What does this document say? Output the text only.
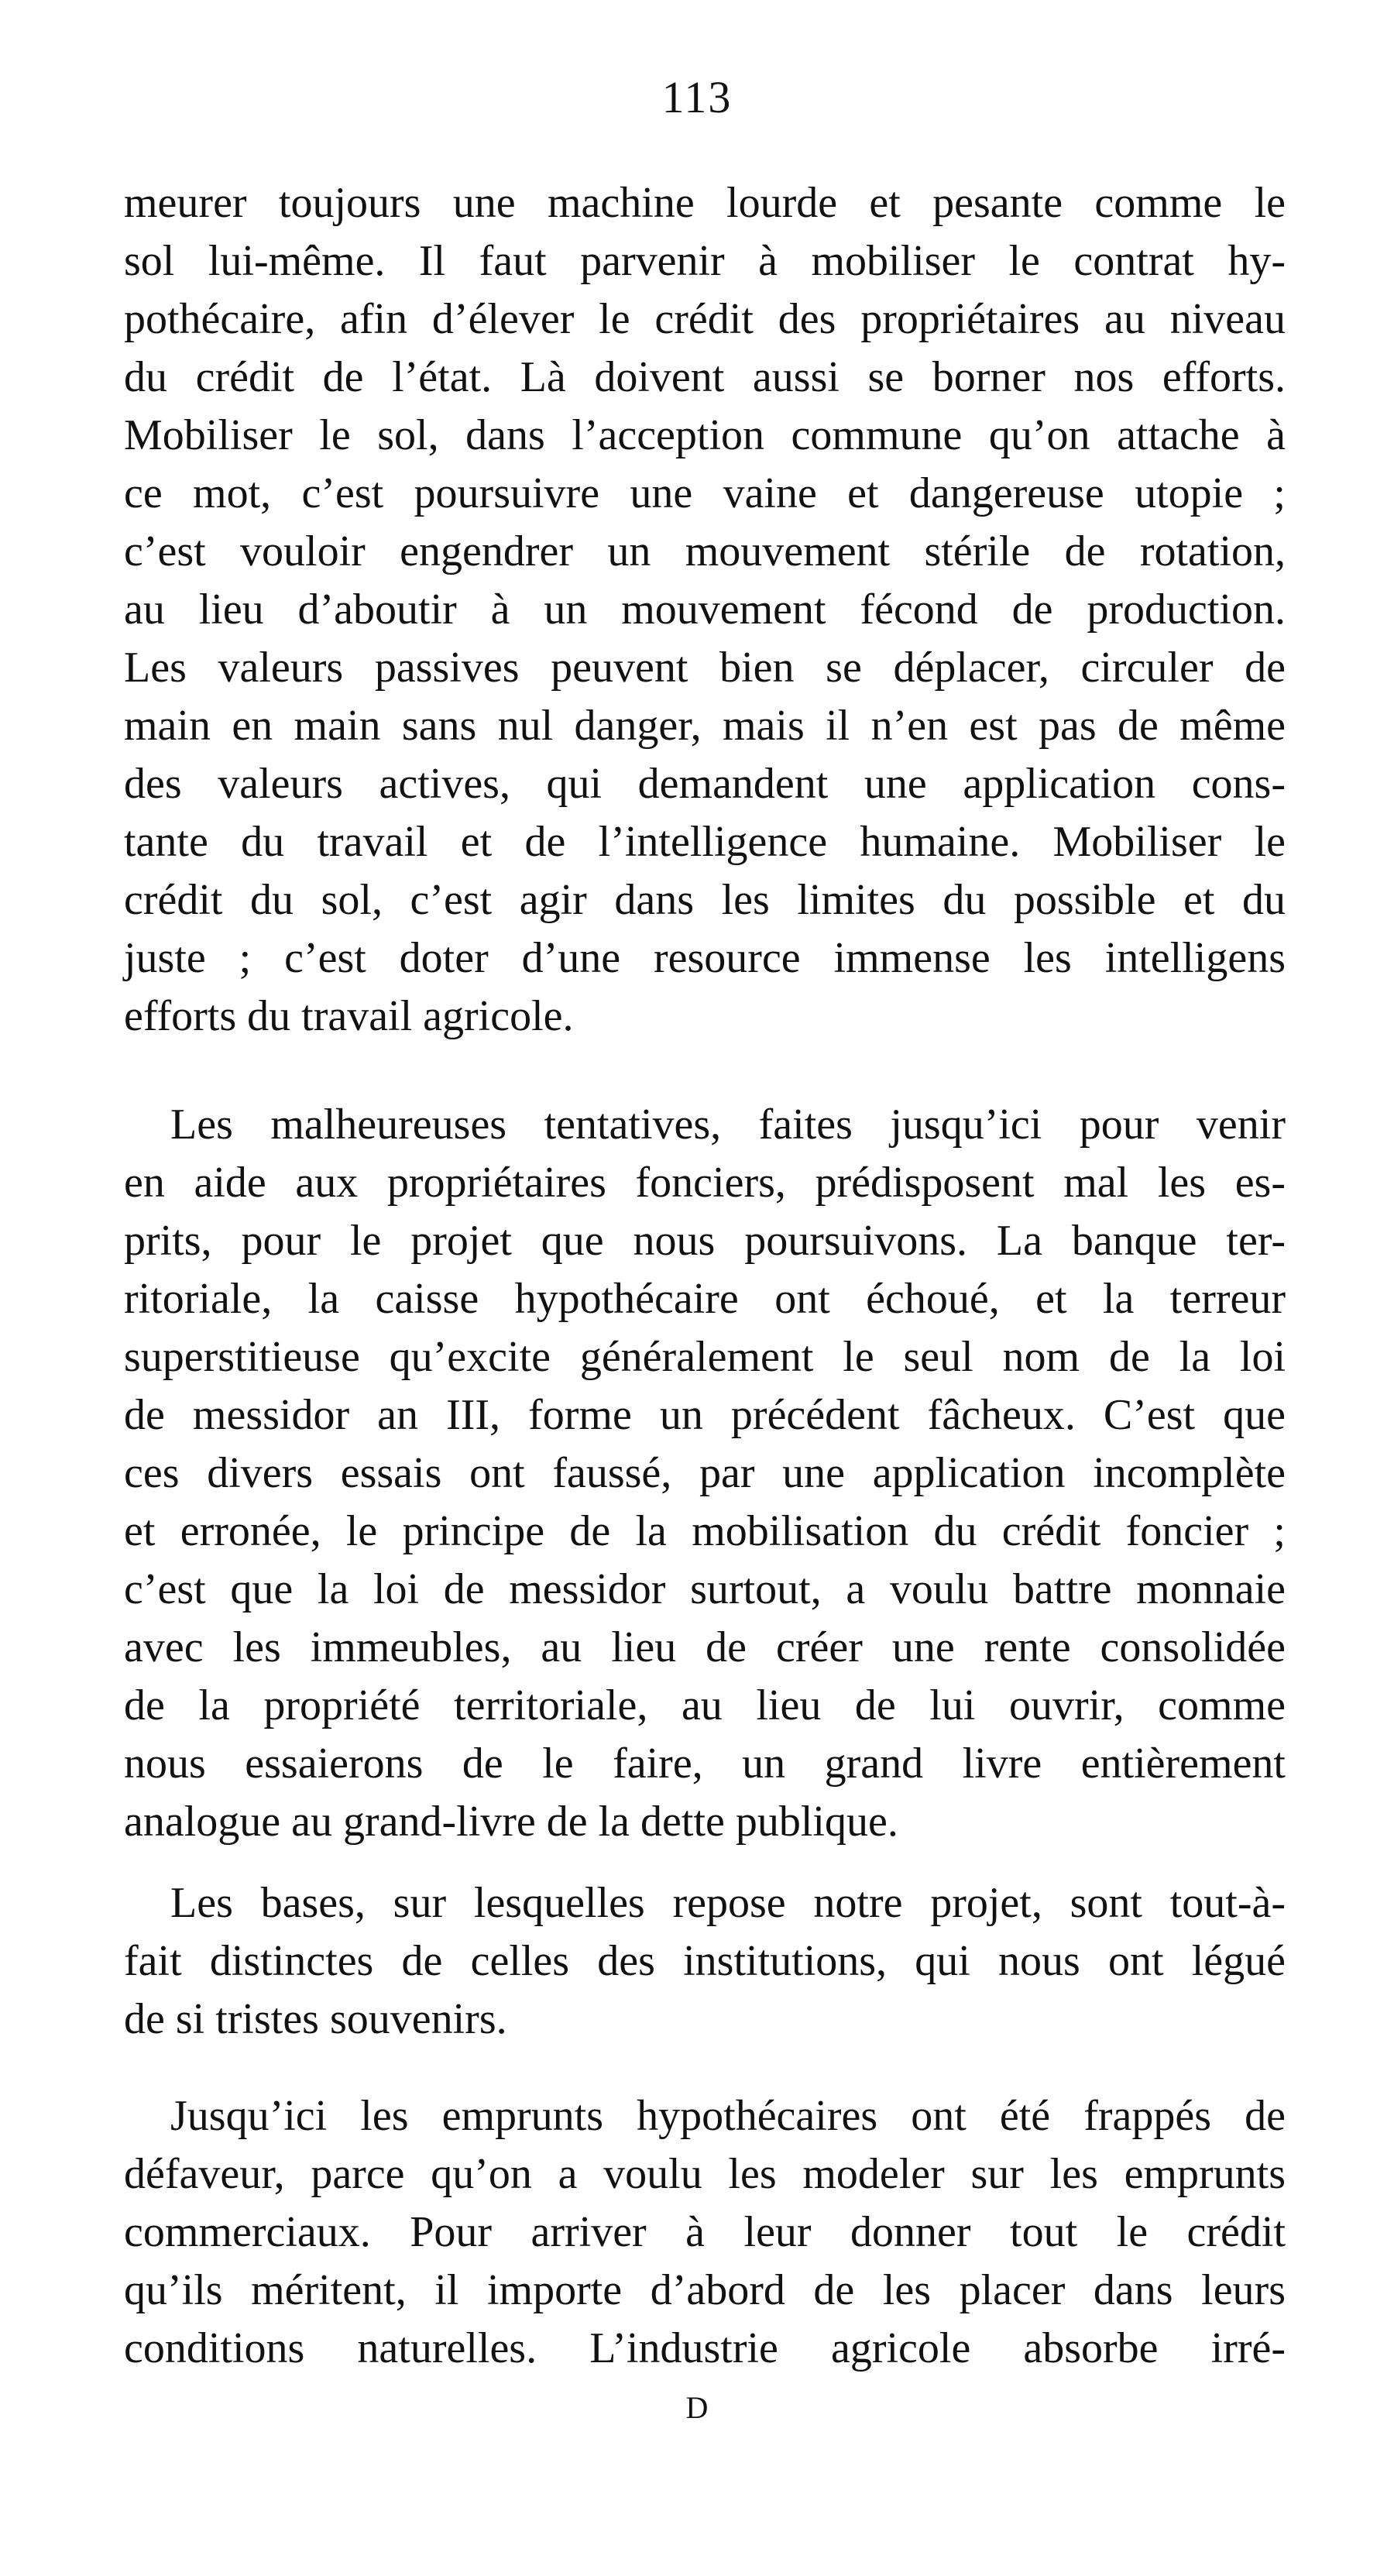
113
meurer toujours une machine lourde et pesante comme le
sol lui-même. Il faut parvenir à mobiliser le contrat hy-
pothécaire, afin d’élever le crédit des propriétaires au niveau
du crédit de l’état. Là doivent aussi se borner nos efforts.
Mobiliser le sol, dans l’acception commune qu’on attache à
ce mot, c’est poursuivre une vaine et dangereuse utopie ;
c’est vouloir engendrer un mouvement stérile de rotation,
au lieu d’aboutir à un mouvement fécond de production.
Les valeurs passives peuvent bien se déplacer, circuler de
main en main sans nul danger, mais il n’en est pas de même
des valeurs actives, qui demandent une application cons-
tante du travail et de l’intelligence humaine. Mobiliser le
crédit du sol, c’est agir dans les limites du possible et du
juste ; c’est doter d’une resource immense les intelligens
efforts du travail agricole.
Les malheureuses tentatives, faites jusqu’ici pour venir
en aide aux propriétaires fonciers, prédisposent mal les es-
prits, pour le projet que nous poursuivons. La banque ter-
ritoriale, la caisse hypothécaire ont échoué, et la terreur
superstitieuse qu’excite généralement le seul nom de la loi
de messidor an III, forme un précédent fâcheux. C’est que
ces divers essais ont faussé, par une application incomplète
et erronée, le principe de la mobilisation du crédit foncier ;
c’est que la loi de messidor surtout, a voulu battre monnaie
avec les immeubles, au lieu de créer une rente consolidée
de la propriété territoriale, au lieu de lui ouvrir, comme
nous essaierons de le faire, un grand livre entièrement
analogue au grand-livre de la dette publique.
Les bases, sur lesquelles repose notre projet, sont tout-à-
fait distinctes de celles des institutions, qui nous ont légué
de si tristes souvenirs.
Jusqu’ici les emprunts hypothécaires ont été frappés de
défaveur, parce qu’on a voulu les modeler sur les emprunts
commerciaux. Pour arriver à leur donner tout le crédit
qu’ils méritent, il importe d’abord de les placer dans leurs
conditions naturelles. L’industrie agricole absorbe irré-
D
